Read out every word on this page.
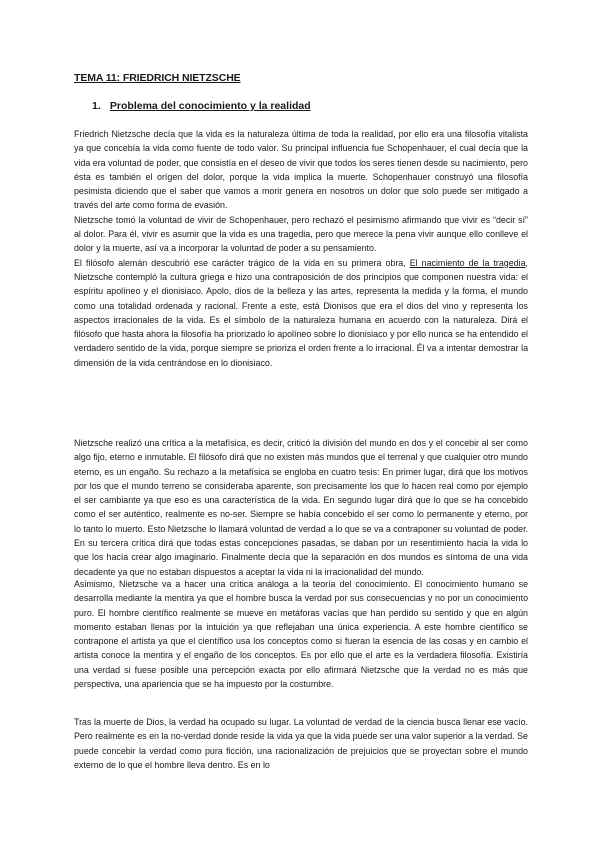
TEMA 11: FRIEDRICH NIETZSCHE
1. Problema del conocimiento y la realidad

Friedrich Nietzsche decía que la vida es la naturaleza última de toda la realidad, por ello era una filosofía vitalista ya que concebía la vida como fuente de todo valor. Su principal influencia fue Schopenhauer, el cual decía que la vida era voluntad de poder, que consistía en el deseo de vivir que todos los seres tienen desde su nacimiento, pero ésta es también el orígen del dolor, porque la vida implica la muerte. Schopenhauer construyó una filosofía pesimista diciendo que el saber que vamos a morir genera en nosotros un dolor que solo puede ser mitigado a través del arte como forma de evasión.

Nietzsche tomó la voluntad de vivir de Schopenhauer, pero rechazó el pesimismo afirmando que vivir es “decir sí” al dolor. Para él, vivir es asumir que la vida es una tragedia, pero que merece la pena vivir aunque ello conlleve el dolor y la muerte, así va a incorporar la voluntad de poder a su pensamiento.

El filósofo alemán descubrió ese carácter trágico de la vida en su primera obra, El nacimiento de la tragedia, Nietzsche contempló la cultura griega e hizo una contraposición de dos principios que componen nuestra vida: el espíritu apolíneo y el dionisiaco. Apolo, dios de la belleza y las artes, representa la medida y la forma, el mundo como una totalidad ordenada y racional. Frente a este, está Dionisos que era el dios del vino y representa los aspectos irracionales de la vida. Es el símbolo de la naturaleza humana en acuerdo con la naturaleza. Dirá el filósofo que hasta ahora la filosofía ha priorizado lo apolíneo sobre lo dionisiaco y por ello nunca se ha entendido el verdadero sentido de la vida, porque siempre se prioriza el orden frente a lo irracional. Él va a intentar demostrar la dimensión de la vida centrándose en lo dionisiaco.

Nietzsche realizó una crítica a la metafísica, es decir, criticó la división del mundo en dos y el concebir al ser como algo fijo, eterno e inmutable. El filósofo dirá que no existen más mundos que el terrenal y que cualquier otro mundo eterno, es un engaño. Su rechazo a la metafísica se engloba en cuatro tesis: En primer lugar, dirá que los motivos por los que el mundo terreno se consideraba aparente, son precisamente los que lo hacen real como por ejemplo el ser cambiante ya que eso es una característica de la vida. En segundo lugar dirá que lo que se ha concebido como el ser auténtico, realmente es no-ser. Siempre se había concebido el ser como lo permanente y eterno, por lo tanto lo muerto. Esto Nietzsche lo llamará voluntad de verdad a lo que se va a contraponer su voluntad de poder. En su tercera crítica dirá que todas estas concepciones pasadas, se daban por un resentimiento hacia la vida lo que los hacía crear algo imaginario. Finalmente decía que la separación en dos mundos es síntoma de una vida decadente ya que no estaban dispuestos a aceptar la vida ni la irracionalidad del mundo.

Asimismo, Nietzsche va a hacer una crítica análoga a la teoría del conocimiento. El conocimiento humano se desarrolla mediante la mentira ya que el hombre busca la verdad por sus consecuencias y no por un conocimiento puro. El hombre científico realmente se mueve en metáforas vacías que han perdido su sentido y que en algún momento estaban llenas por la intuición ya que reflejaban una única experiencia. A este hombre científico se contrapone el artista ya que el científico usa los conceptos como si fueran la esencia de las cosas y en cambio el artista conoce la mentira y el engaño de los conceptos. Es por ello que el arte es la verdadera filosofía. Existiría una verdad si fuese posible una percepción exacta por ello afirmará Nietzsche que la verdad no es más que perspectiva, una apariencia que se ha impuesto por la costumbre.

Tras la muerte de Dios, la verdad ha ocupado su lugar. La voluntad de verdad de la ciencia busca llenar ese vacío. Pero realmente es en la no-verdad donde reside la vida ya que la vida puede ser una valor superior a la verdad. Se puede concebir la verdad como pura ficción, una racionalización de prejuicios que se proyectan sobre el mundo externo de lo que el hombre lleva dentro. Es en lo
